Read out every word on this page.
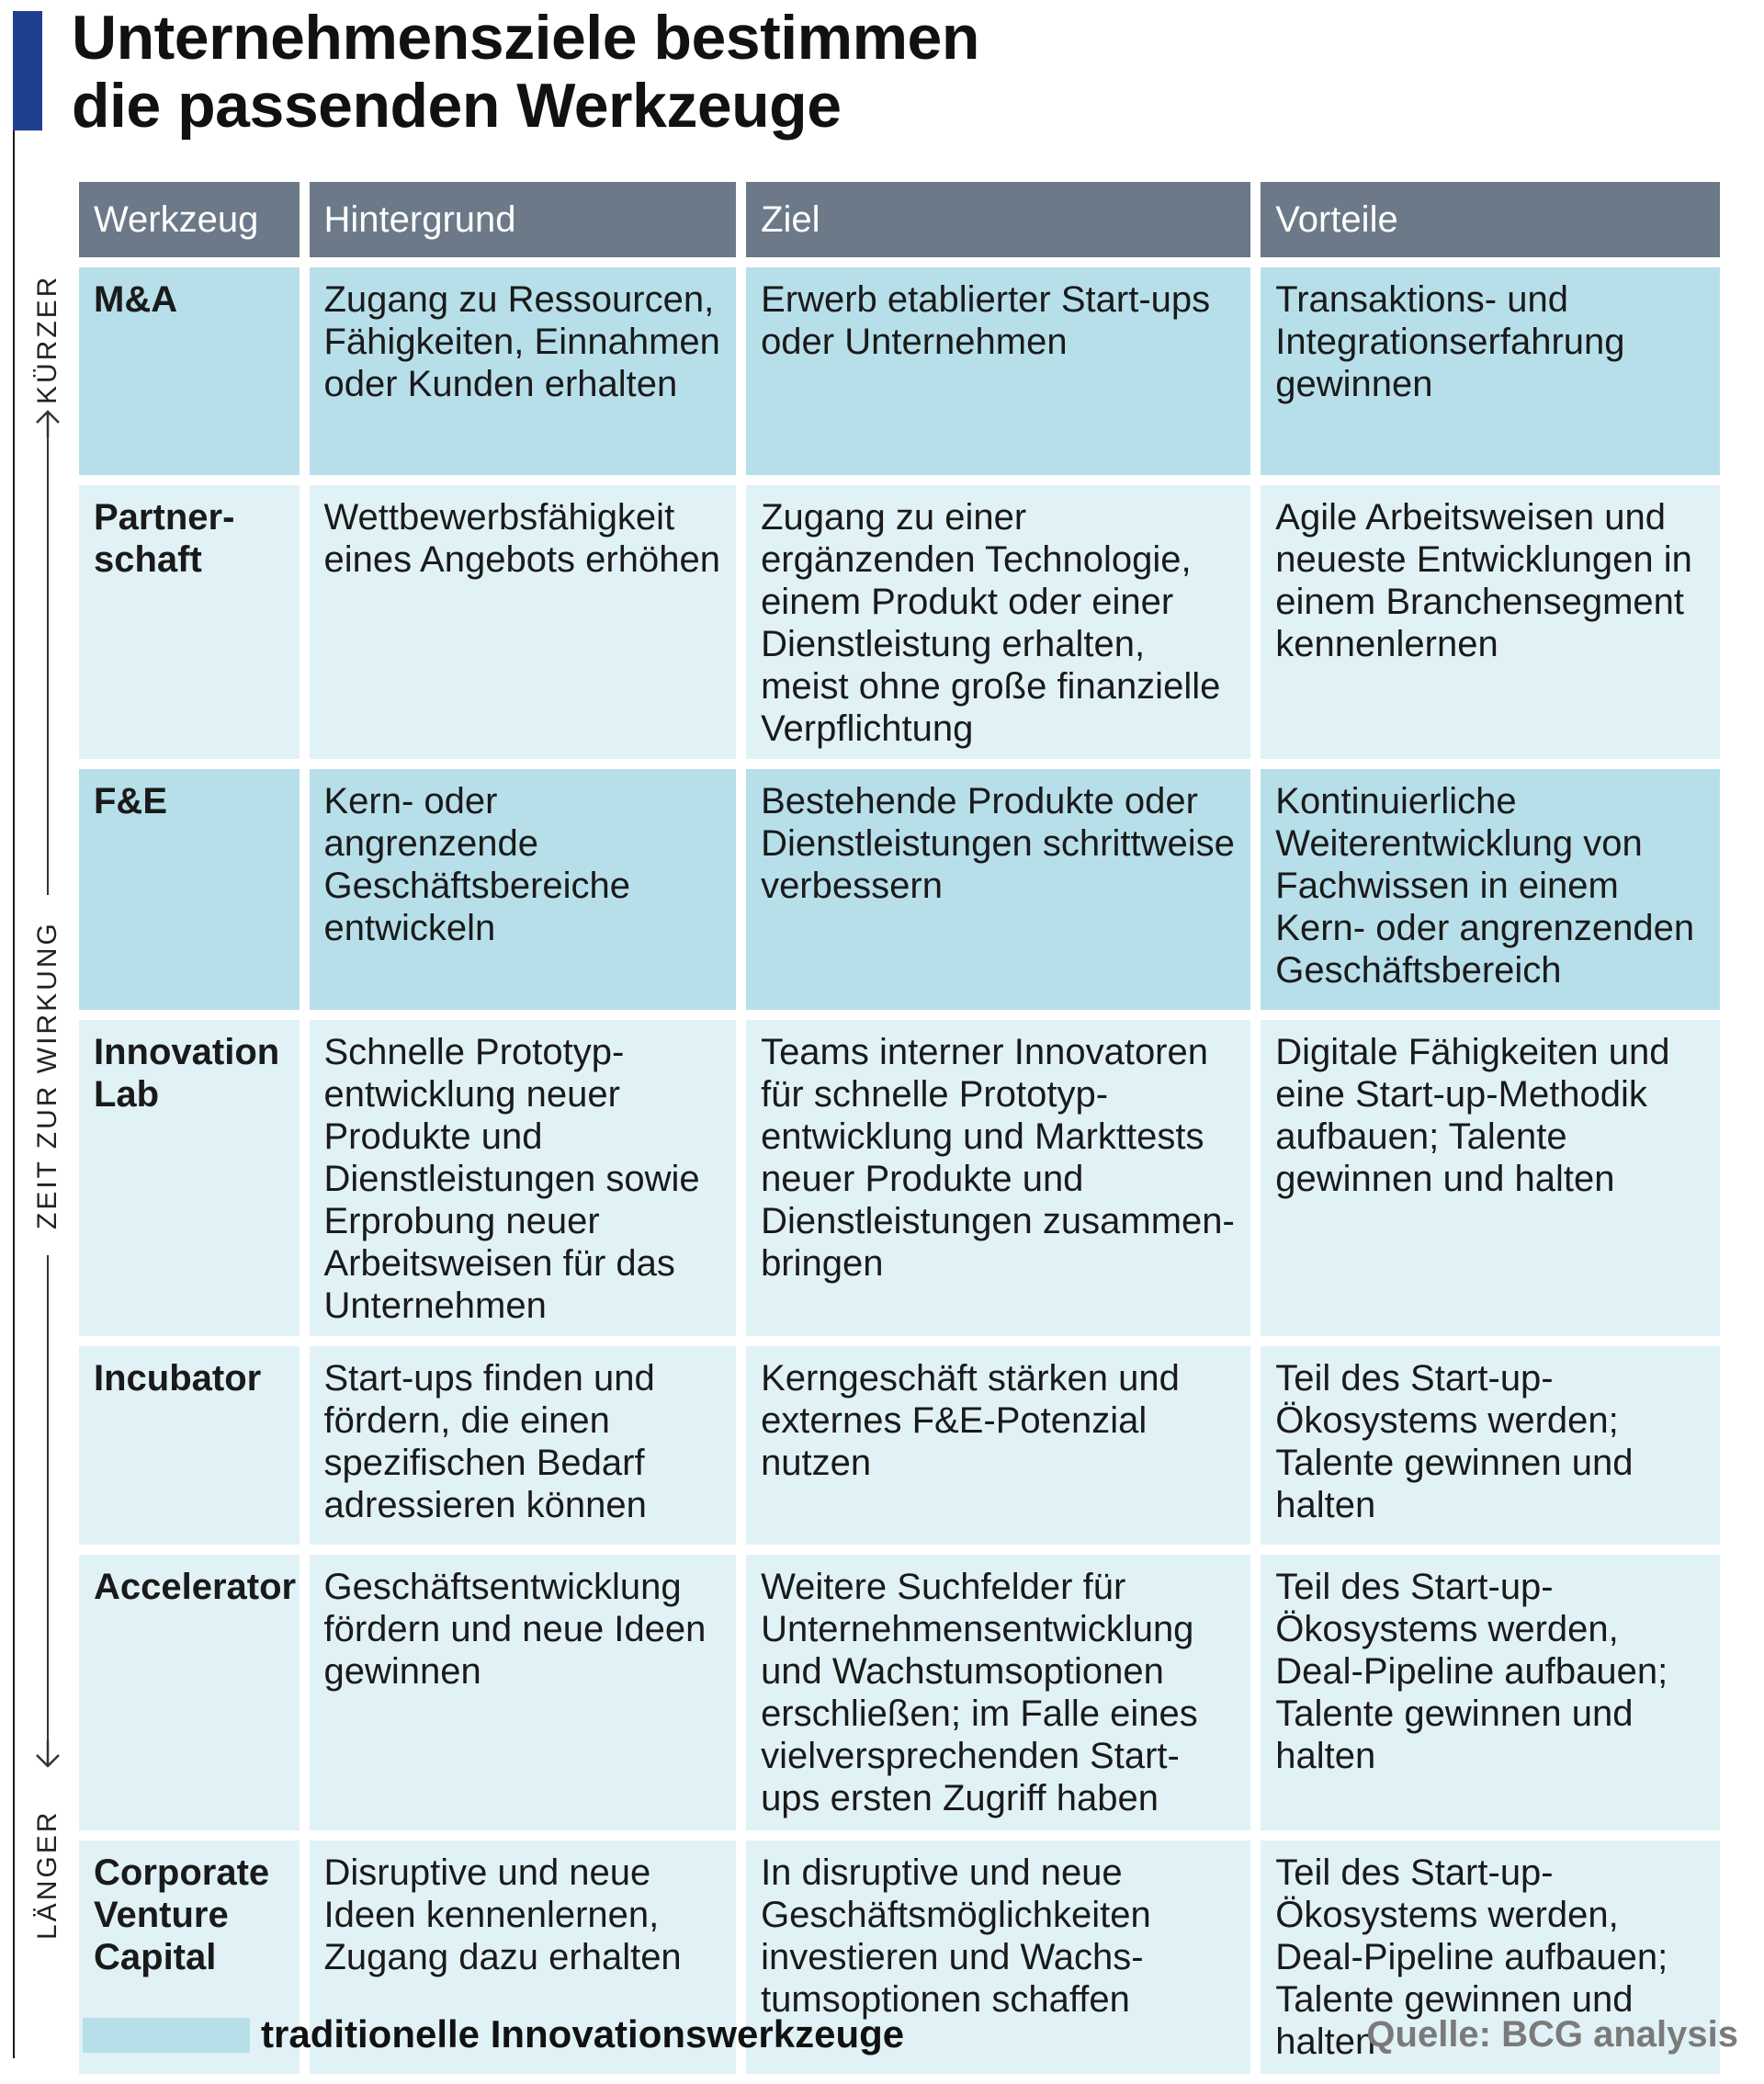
Unternehmensziele bestimmen
die passenden Werkzeuge
KÜRZER
ZEIT ZUR WIRKUNG
LÄNGER
Werkzeug	Hintergrund	Ziel	Vorteile
M&A	Zugang zu Ressourcen, Fähigkeiten, Einnahmen oder Kunden erhalten	Erwerb etablierter Start-ups oder Unternehmen	Transaktions- und Integrationserfahrung gewinnen
Partnerschaft	Wettbewerbsfähigkeit eines Angebots erhöhen	Zugang zu einer ergänzenden Technologie, einem Produkt oder einer Dienstleistung erhalten, meist ohne große finanzielle Verpflichtung	Agile Arbeitsweisen und neueste Entwicklungen in einem Branchensegment kennenlernen
F&E	Kern- oder angrenzende Geschäftsbereiche entwickeln	Bestehende Produkte oder Dienstleistungen schrittweise verbessern	Kontinuierliche Weiterentwicklung von Fachwissen in einem Kern- oder angrenzenden Geschäftsbereich
Innovation Lab	Schnelle Prototypentwicklung neuer Produkte und Dienstleistungen sowie Erprobung neuer Arbeitsweisen für das Unternehmen	Teams interner Innovatoren für schnelle Prototypentwicklung und Markttests neuer Produkte und Dienstleistungen zusammenbringen	Digitale Fähigkeiten und eine Start-up-Methodik aufbauen; Talente gewinnen und halten
Incubator	Start-ups finden und fördern, die einen spezifischen Bedarf adressieren können	Kerngeschäft stärken und externes F&E-Potenzial nutzen	Teil des Start-up-Ökosystems werden; Talente gewinnen und halten
Accelerator	Geschäftsentwicklung fördern und neue Ideen gewinnen	Weitere Suchfelder für Unternehmensentwicklung und Wachstumsoptionen erschließen; im Falle eines vielversprechenden Start-ups ersten Zugriff haben	Teil des Start-up-Ökosystems werden, Deal-Pipeline aufbauen; Talente gewinnen und halten
Corporate Venture Capital	Disruptive und neue Ideen kennenlernen, Zugang dazu erhalten	In disruptive und neue Geschäftsmöglichkeiten investieren und Wachstumsoptionen schaffen	Teil des Start-up-Ökosystems werden, Deal-Pipeline aufbauen; Talente gewinnen und halten
traditionelle Innovationswerkzeuge	Quelle: BCG analysis
